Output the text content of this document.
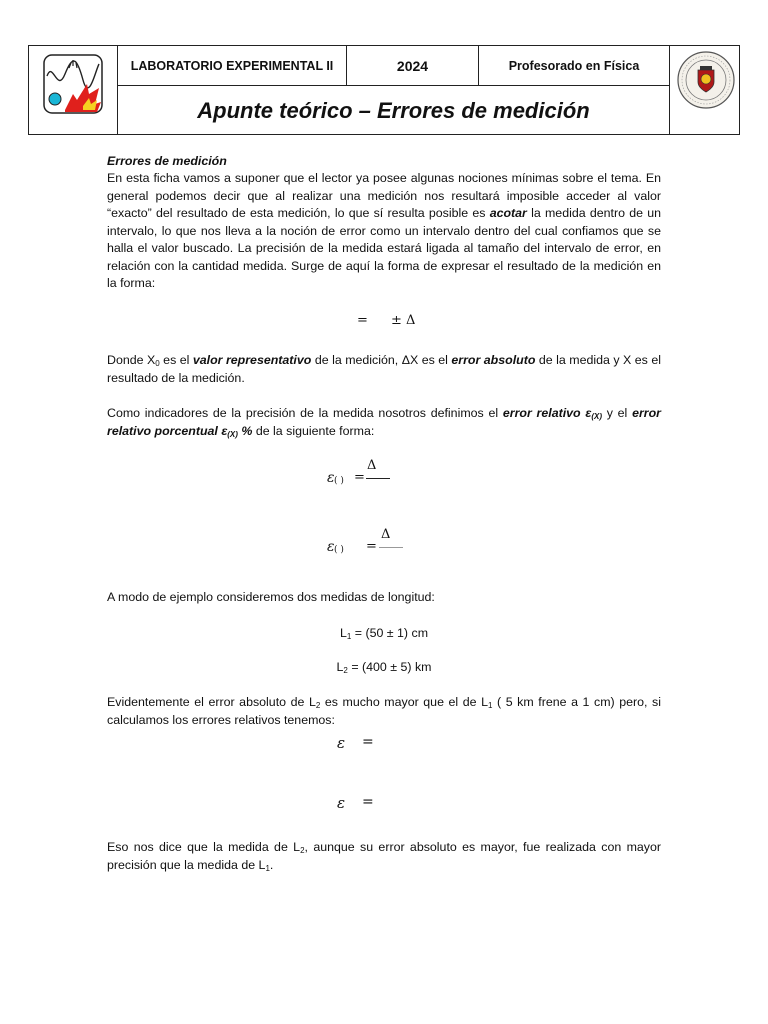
LABORATORIO EXPERIMENTAL II	2024	Profesorado en Física
Apunte teórico – Errores de medición
Errores de medición
En esta ficha vamos a suponer que el lector ya posee algunas nociones mínimas sobre el tema. En general podemos decir que al realizar una medición nos resultará imposible acceder al valor “exacto” del resultado de esta medición, lo que sí resulta posible es acotar la medida dentro de un intervalo, lo que nos lleva a la noción de error como un intervalo dentro del cual confiamos que se halla el valor buscado. La precisión de la medida estará ligada al tamaño del intervalo de error, en relación con la cantidad medida. Surge de aquí la forma de expresar el resultado de la medición en la forma:
= ± Δ
Donde $X_0$ es el valor representativo de la medición, ΔX es el error absoluto de la medida y X es el resultado de la medición.
Como indicadores de la precisión de la medida nosotros definimos el error relativo $\varepsilon_{(X)}$ y el error relativo porcentual $\varepsilon_{(X)}$ % de la siguiente forma:
ε ( ) =
Δ
ε ( ) =
Δ
A modo de ejemplo consideremos dos medidas de longitud:
$L_1 = (50 \pm 1)$ cm
$L_2 = (400 \pm 5)$ km
Evidentemente el error absoluto de $L_2$ es mucho mayor que el de $L_1$ ( 5 km frene a 1 cm) pero, si calculamos los errores relativos tenemos:
ε =
ε =
Eso nos dice que la medida de $L_2$, aunque su error absoluto es mayor, fue realizada con mayor precisión que la medida de $L_1$.
